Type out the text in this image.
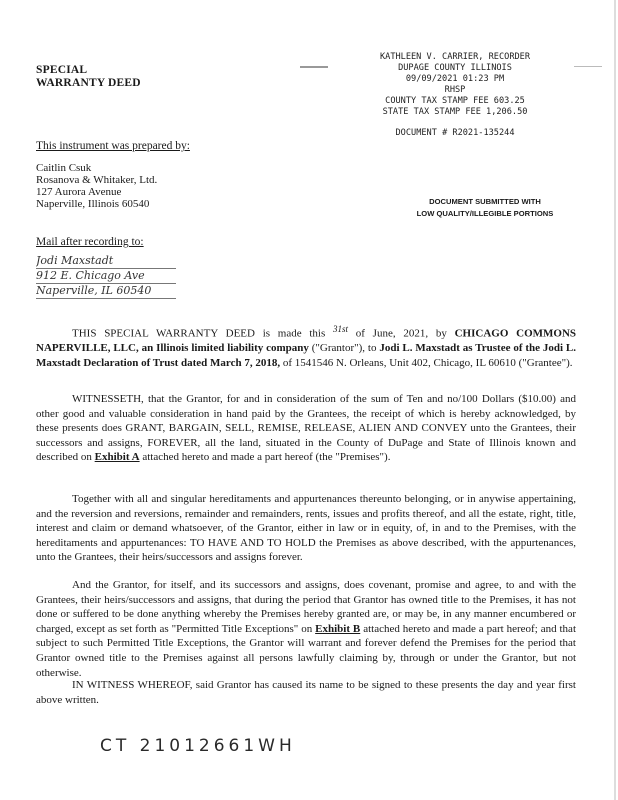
SPECIAL
WARRANTY DEED
KATHLEEN V. CARRIER, RECORDER
DUPAGE COUNTY ILLINOIS
09/09/2021 01:23 PM
RHSP
COUNTY TAX STAMP FEE 603.25
STATE TAX STAMP FEE 1,206.50
DOCUMENT # R2021-135244
This instrument was prepared by:
Caitlin Csuk
Rosanova & Whitaker, Ltd.
127 Aurora Avenue
Naperville, Illinois 60540	DOCUMENT SUBMITTED WITH
LOW QUALITY/ILLEGIBLE PORTIONS
Mail after recording to:
Jodi Maxstadt
912 E. Chicago Ave
Naperville, IL 60540

THIS SPECIAL WARRANTY DEED is made this $^{31st}$ of June, 2021, by CHICAGO COMMONS NAPERVILLE, LLC, an Illinois limited liability company ("Grantor"), to Jodi L. Maxstadt as Trustee of the Jodi L. Maxstadt Declaration of Trust dated March 7, 2018, of 1541546 N. Orleans, Unit 402, Chicago, IL 60610 ("Grantee").

WITNESSETH, that the Grantor, for and in consideration of the sum of Ten and no/100 Dollars ($10.00) and other good and valuable consideration in hand paid by the Grantees, the receipt of which is hereby acknowledged, by these presents does GRANT, BARGAIN, SELL, REMISE, RELEASE, ALIEN AND CONVEY unto the Grantees, their successors and assigns, FOREVER, all the land, situated in the County of DuPage and State of Illinois known and described on Exhibit A attached hereto and made a part hereof (the "Premises").

Together with all and singular hereditaments and appurtenances thereunto belonging, or in anywise appertaining, and the reversion and reversions, remainder and remainders, rents, issues and profits thereof, and all the estate, right, title, interest and claim or demand whatsoever, of the Grantor, either in law or in equity, of, in and to the Premises, with the hereditaments and appurtenances: TO HAVE AND TO HOLD the Premises as above described, with the appurtenances, unto the Grantees, their heirs/successors and assigns forever.

And the Grantor, for itself, and its successors and assigns, does covenant, promise and agree, to and with the Grantees, their heirs/successors and assigns, that during the period that Grantor has owned title to the Premises, it has not done or suffered to be done anything whereby the Premises hereby granted are, or may be, in any manner encumbered or charged, except as set forth as "Permitted Title Exceptions" on Exhibit B attached hereto and made a part hereof; and that subject to such Permitted Title Exceptions, the Grantor will warrant and forever defend the Premises for the period that Grantor owned title to the Premises against all persons lawfully claiming by, through or under the Grantor, but not otherwise.

IN WITNESS WHEREOF, said Grantor has caused its name to be signed to these presents the day and year first above written.

CT 21012661WH
